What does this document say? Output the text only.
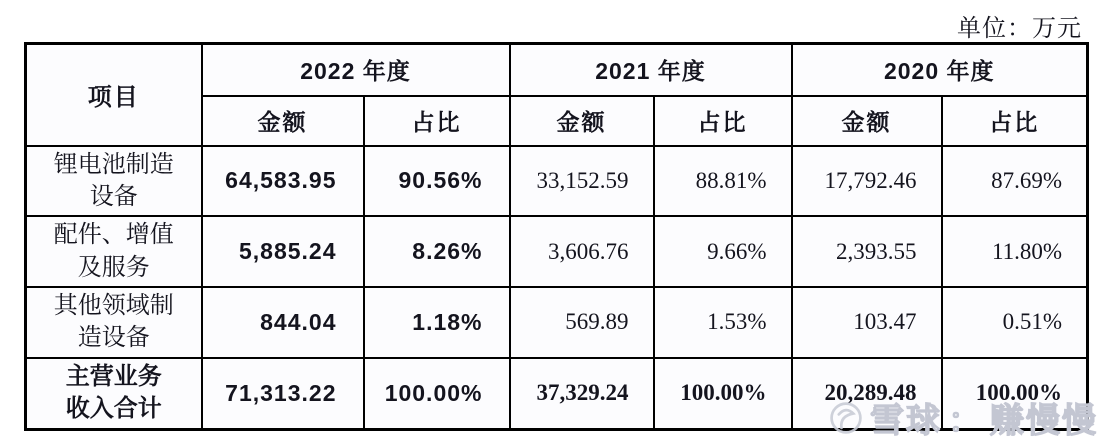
单位：万元
项目	2022 年度		2021 年度		2020 年度	
	金额	占比	金额	占比	金额	占比

锂电池制造
设备	64,583.95	90.56%	33,152.59	88.81%	17,792.46	87.69%

配件、增值
及服务	5,885.24	8.26%	3,606.76	9.66%	2,393.55	11.80%

其他领域制
造设备	844.04	1.18%	569.89	1.53%	103.47	0.51%

主营业务
收入合计	71,313.22	100.00%	37,329.24	100.00%	20,289.48	100.00%
雪球 ： 赚慢慢
